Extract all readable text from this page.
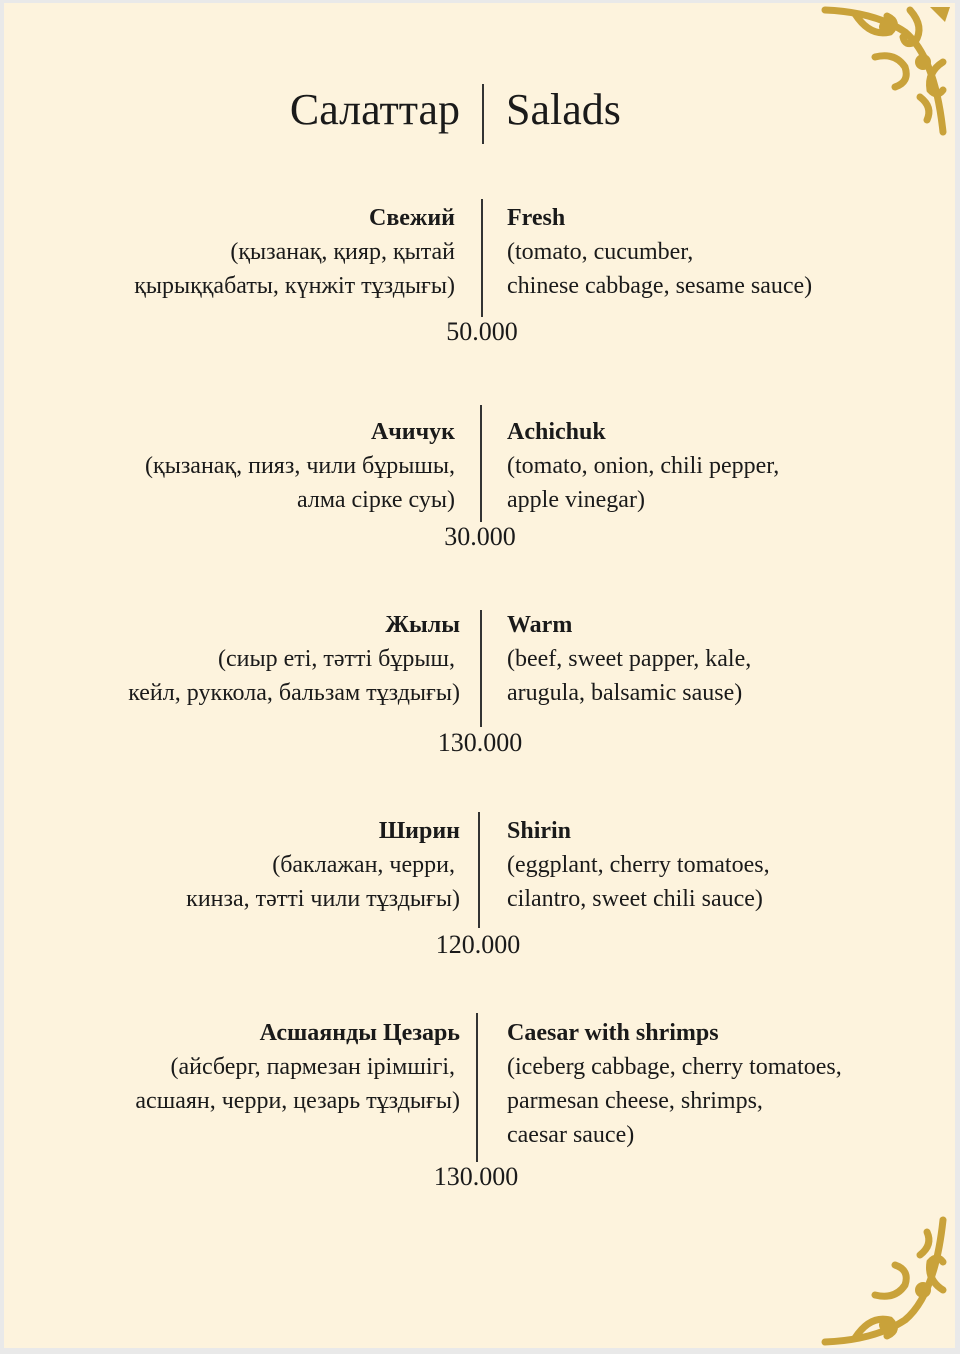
Салаттар Salads
Свежий
(қызанақ, қияр, қытай
қырыққабаты, күнжіт тұздығы)
Fresh
(tomato, cucumber,
chinese cabbage, sesame sauce)
50.000
Ачичук
(қызанақ, пияз, чили бұрышы,
алма сірке суы)
Achichuk
(tomato, onion, chili pepper,
apple vinegar)
30.000
Жылы
(сиыр еті, тәтті бұрыш,
кейл, руккола, бальзам тұздығы)
Warm
(beef, sweet papper, kale,
arugula, balsamic sause)
130.000
Ширин
(баклажан, черри,
кинза, тәтті чили тұздығы)
Shirin
(eggplant, cherry tomatoes,
cilantro, sweet chili sauce)
120.000
Асшаянды Цезарь
(айсберг, пармезан ірімшігі,
асшаян, черри, цезарь тұздығы)
Caesar with shrimps
(iceberg cabbage, cherry tomatoes,
parmesan cheese, shrimps,
caesar sauce)
130.000
